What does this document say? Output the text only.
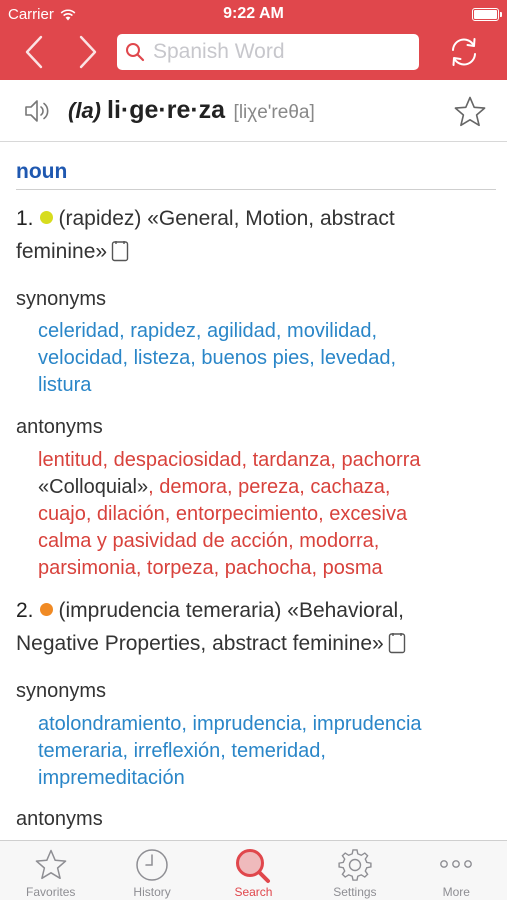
Carrier	9:22 AM
Spanish Word
(la) li·ge·re·za [liχe'reθa]
noun
1. (rapidez) «General, Motion, abstract
feminine»
synonyms
celeridad, rapidez, agilidad, movilidad,
velocidad, listeza, buenos pies, levedad,
listura
antonyms
lentitud, despaciosidad, tardanza, pachorra
«Colloquial», demora, pereza, cachaza,
cuajo, dilación, entorpecimiento, excesiva
calma y pasividad de acción, modorra,
parsimonia, torpeza, pachocha, posma
2. (imprudencia temeraria) «Behavioral,
Negative Properties, abstract feminine»
synonyms
atolondramiento, imprudencia, imprudencia
temeraria, irreflexión, temeridad,
impremeditación
antonyms
Favorites	History	Search	Settings	More
